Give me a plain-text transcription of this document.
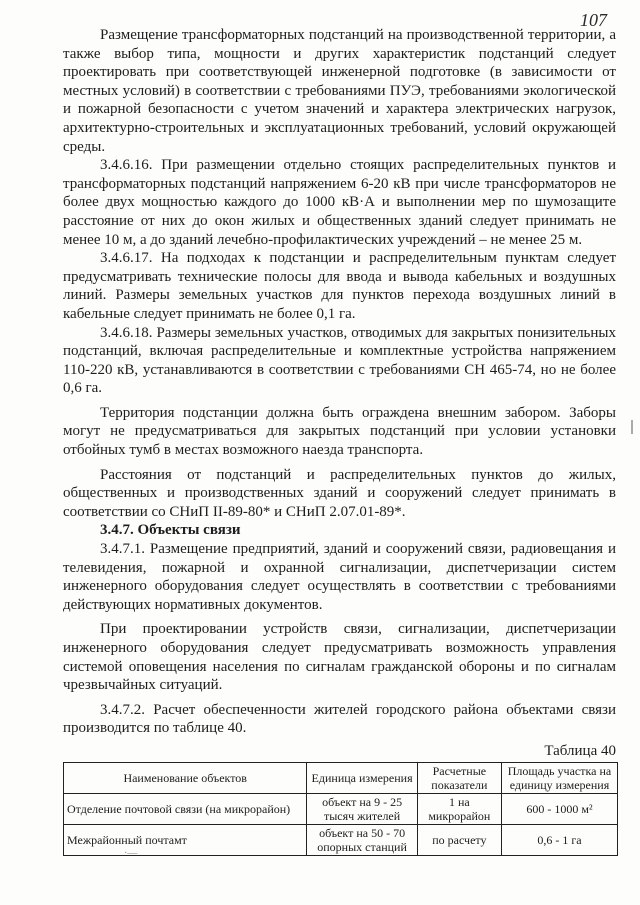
107

Размещение трансформаторных подстанций на производственной территории, а также выбор типа, мощности и других характеристик подстанций следует проектировать при соответствующей инженерной подготовке (в зависимости от местных условий) в соответствии с требованиями ПУЭ, требованиями экологической и пожарной безопасности с учетом значений и характера электрических нагрузок, архитектурно-строительных и эксплуатационных требований, условий окружающей среды.

3.4.6.16. При размещении отдельно стоящих распределительных пунктов и трансформаторных подстанций напряжением 6-20 кВ при числе трансформаторов не более двух мощностью каждого до 1000 кВ·А и выполнении мер по шумозащите расстояние от них до окон жилых и общественных зданий следует принимать не менее 10 м, а до зданий лечебно-профилактических учреждений – не менее 25 м.

3.4.6.17. На подходах к подстанции и распределительным пунктам следует предусматривать технические полосы для ввода и вывода кабельных и воздушных линий. Размеры земельных участков для пунктов перехода воздушных линий в кабельные следует принимать не более 0,1 га.

3.4.6.18. Размеры земельных участков, отводимых для закрытых понизительных подстанций, включая распределительные и комплектные устройства напряжением 110-220 кВ, устанавливаются в соответствии с требованиями СН 465-74, но не более 0,6 га.

Территория подстанции должна быть ограждена внешним забором. Заборы могут не предусматриваться для закрытых подстанций при условии установки отбойных тумб в местах возможного наезда транспорта.

Расстояния от подстанций и распределительных пунктов до жилых, общественных и производственных зданий и сооружений следует принимать в соответствии со СНиП II-89-80* и СНиП 2.07.01-89*.

3.4.7. Объекты связи

3.4.7.1. Размещение предприятий, зданий и сооружений связи, радиовещания и телевидения, пожарной и охранной сигнализации, диспетчеризации систем инженерного оборудования следует осуществлять в соответствии с требованиями действующих нормативных документов.

При проектировании устройств связи, сигнализации, диспетчеризации инженерного оборудования следует предусматривать возможность управления системой оповещения населения по сигналам гражданской обороны и по сигналам чрезвычайных ситуаций.

3.4.7.2. Расчет обеспеченности жителей городского района объектами связи производится по таблице 40.

Таблица 40
Наименование объектов	Единица измерения	Расчетные показатели	Площадь участка на единицу измерения
Отделение почтовой связи (на микрорайон)	объект на 9 - 25 тысяч жителей	1 на микрорайон	600 - 1000 м²
Межрайонный почтамт	объект на 50 - 70 опорных станций	по расчету	0,6 - 1 га
·—
